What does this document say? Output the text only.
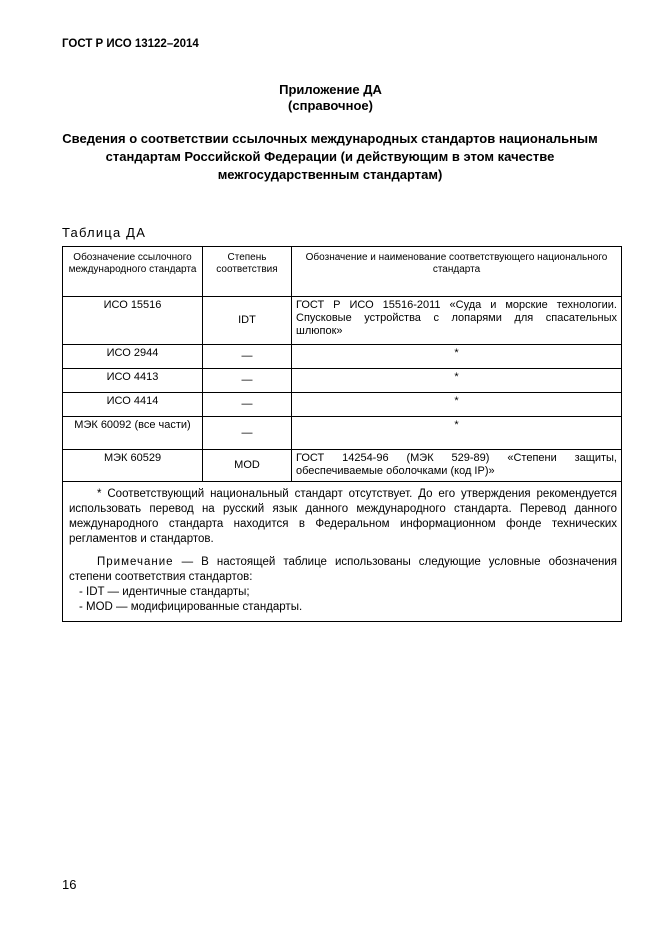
ГОСТ Р ИСО 13122–2014
Приложение ДА
(справочное)
Сведения о соответствии ссылочных международных стандартов национальным стандартам Российской Федерации (и действующим в этом качестве межгосударственным стандартам)
Таблица ДА
Обозначение ссылочного международного стандарта	Степень соответствия	Обозначение и наименование соответствующего национального стандарта
ИСО 15516	IDT	ГОСТ Р ИСО 15516-2011 «Суда и морские технологии. Спусковые устройства с лопарями для спасательных шлюпок»
ИСО 2944	—	*
ИСО 4413	—	*
ИСО 4414	—	*
МЭК 60092 (все части)	—	*
МЭК 60529	MOD	ГОСТ 14254-96 (МЭК 529-89) «Степени защиты, обеспечиваемые оболочками (код IP)»

* Соответствующий национальный стандарт отсутствует. До его утверждения рекомендуется использовать перевод на русский язык данного международного стандарта. Перевод данного международного стандарта находится в Федеральном информационном фонде технических регламентов и стандартов.

Примечание — В настоящей таблице использованы следующие условные обозначения степени соответствия стандартов:

- IDT — идентичные стандарты;

- MOD — модифицированные стандарты.		

16
